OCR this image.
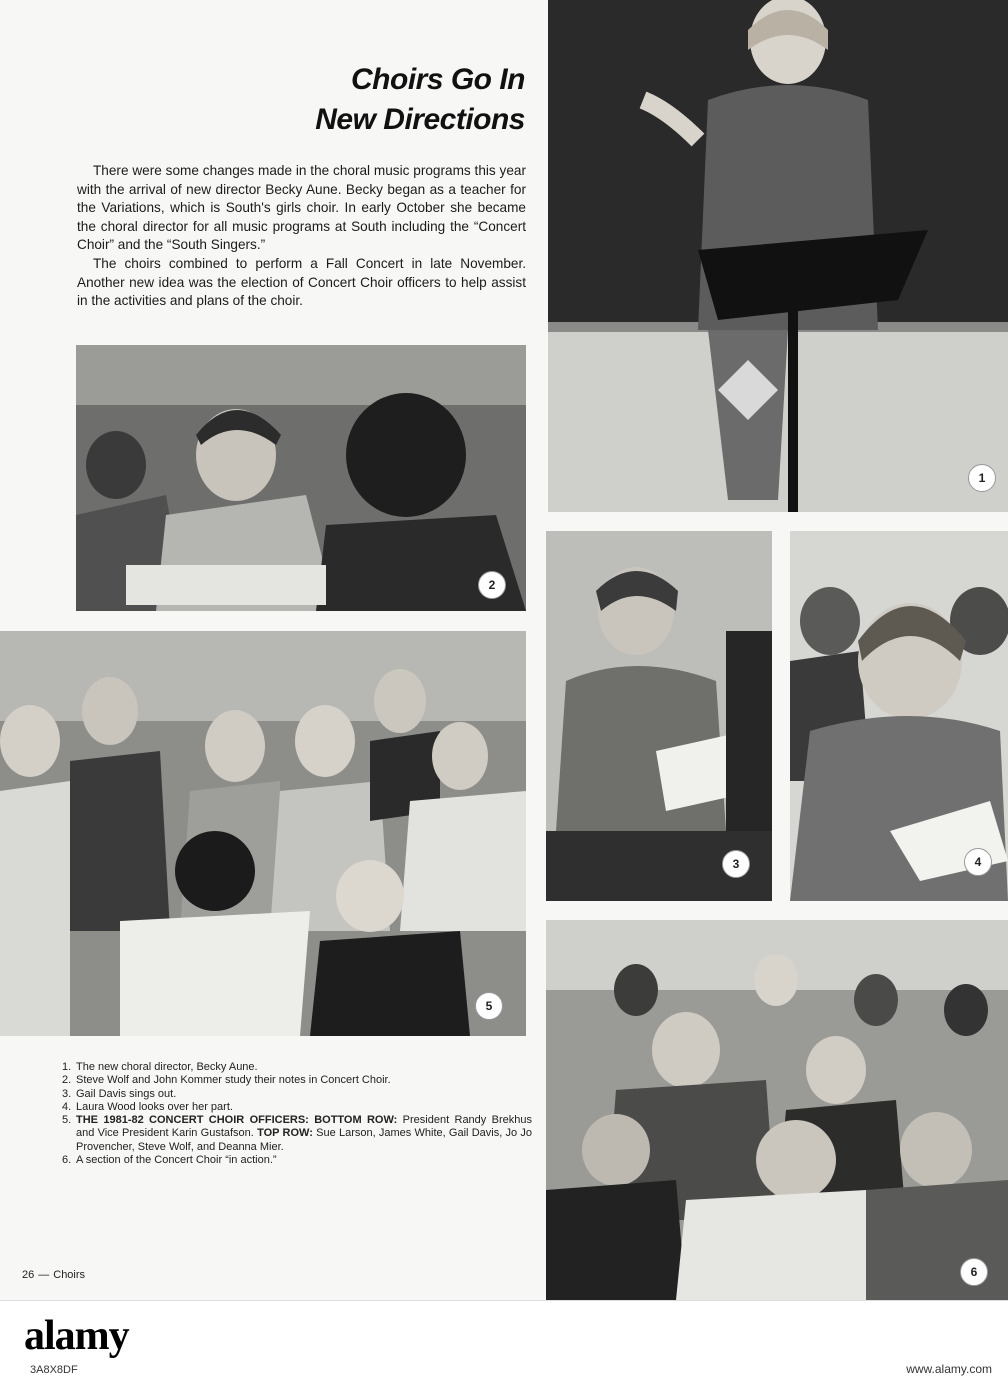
Choirs Go In
New Directions

There were some changes made in the choral music programs this year with the arrival of new director Becky Aune. Becky began as a teacher for the Variations, which is South's girls choir. In early October she became the choral director for all music programs at South including the “Concert Choir” and the “South Singers.”

The choirs combined to perform a Fall Concert in late November. Another new idea was the election of Concert Choir officers to help assist in the activities and plans of the choir.

1
2
3	4
5
6
1. The new choral director, Becky Aune.
2. Steve Wolf and John Kommer study their notes in Concert Choir.
3. Gail Davis sings out.
4. Laura Wood looks over her part.
5. THE 1981-82 CONCERT CHOIR OFFICERS: BOTTOM ROW: President Randy Brekhus and Vice President Karin Gustafson. TOP ROW: Sue Larson, James White, Gail Davis, Jo Jo Provencher, Steve Wolf, and Deanna Mier.
6. A section of the Concert Choir “in action.”
26 — Choirs
alamy
3A8X8DF	www.alamy.com
